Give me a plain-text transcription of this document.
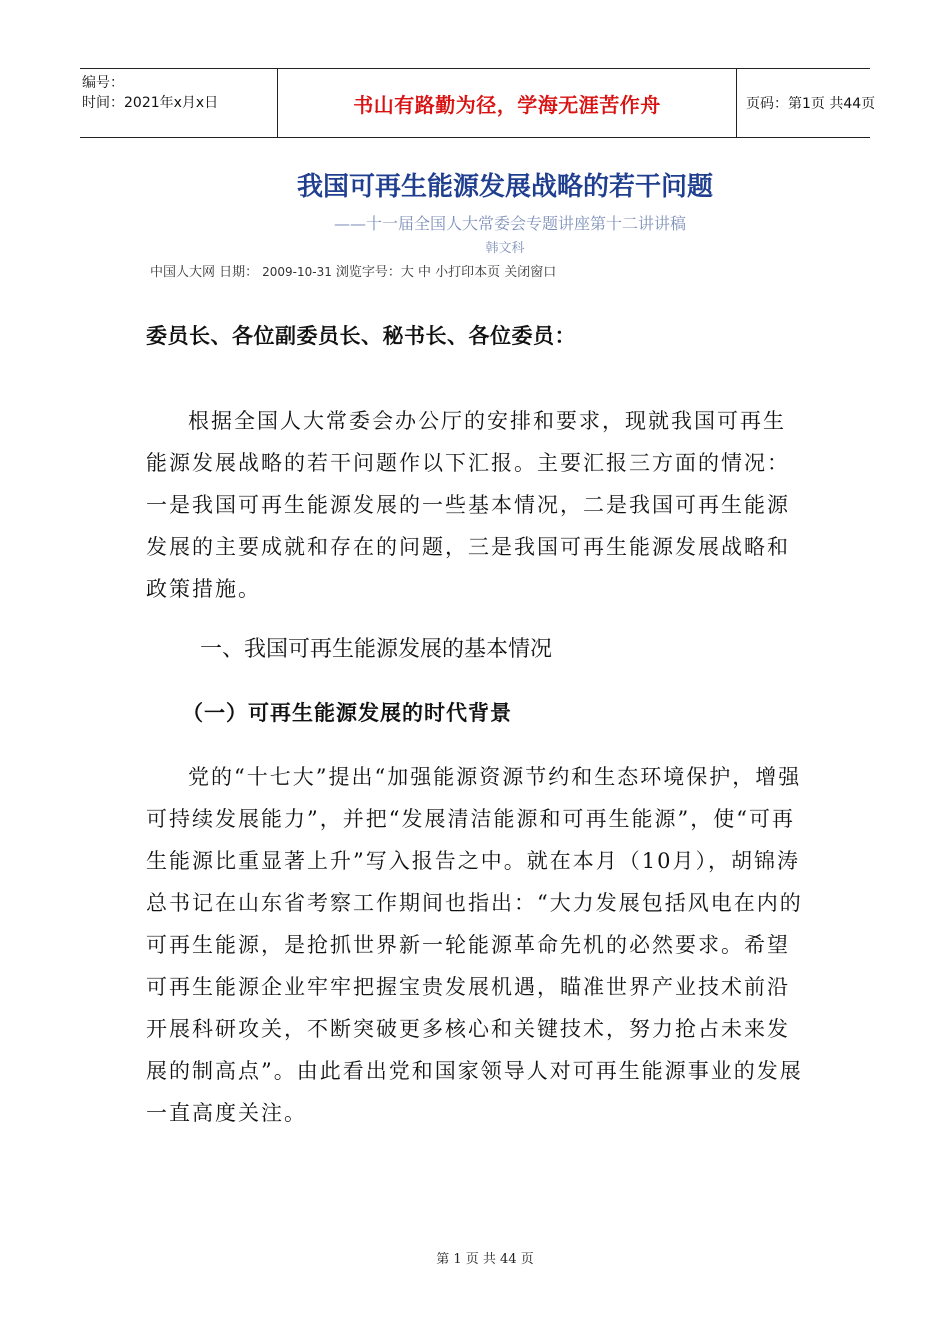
编号：
时间：2021年x月x日	书山有路勤为径，学海无涯苦作舟	页码：第1页 共44页
我国可再生能源发展战略的若干问题
——十一届全国人大常委会专题讲座第十二讲讲稿
韩文科
中国人大网 日期： 2009-10-31 浏览字号：大 中 小打印本页 关闭窗口
委员长、各位副委员长、秘书长、各位委员：

根据全国人大常委会办公厅的安排和要求，现就我国可再生能源发展战略的若干问题作以下汇报。主要汇报三方面的情况：一是我国可再生能源发展的一些基本情况，二是我国可再生能源发展的主要成就和存在的问题，三是我国可再生能源发展战略和政策措施。

一、我国可再生能源发展的基本情况
（一）可再生能源发展的时代背景

党的“十七大”提出“加强能源资源节约和生态环境保护，增强可持续发展能力”，并把“发展清洁能源和可再生能源”，使“可再生能源比重显著上升”写入报告之中。就在本月（10月），胡锦涛总书记在山东省考察工作期间也指出：“大力发展包括风电在内的可再生能源，是抢抓世界新一轮能源革命先机的必然要求。希望可再生能源企业牢牢把握宝贵发展机遇，瞄准世界产业技术前沿开展科研攻关，不断突破更多核心和关键技术，努力抢占未来发展的制高点”。由此看出党和国家领导人对可再生能源事业的发展一直高度关注。

第 1 页 共 44 页
